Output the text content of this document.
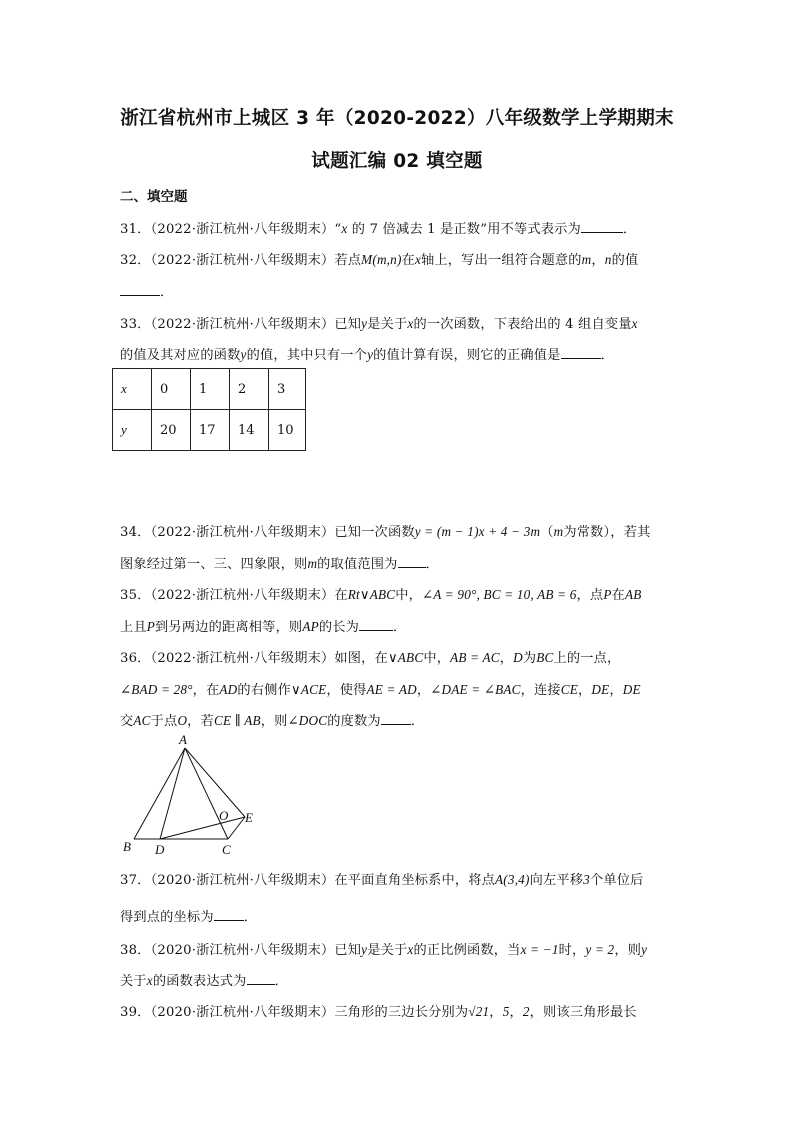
浙江省杭州市上城区 3 年（2020-2022）八年级数学上学期期末
试题汇编 02 填空题
二、填空题
31．（2022·浙江杭州·八年级期末）“x 的 7 倍减去 1 是正数”用不等式表示为	．
32．（2022·浙江杭州·八年级期末）若点M(m,n)在x轴上，写出一组符合题意的m，n的值
．
33．（2022·浙江杭州·八年级期末）已知y是关于x的一次函数，下表给出的 4 组自变量x
的值及其对应的函数y的值，其中只有一个y的值计算有误，则它的正确值是	．
x	0	1	2	3
y	20	17	14	10
34．（2022·浙江杭州·八年级期末）已知一次函数y = (m − 1)x + 4 − 3m（m为常数），若其
图象经过第一、三、四象限，则m的取值范围为 ．
35．（2022·浙江杭州·八年级期末）在Rt∨ABC中，∠A = 90°, BC = 10, AB = 6，点P在AB
上且P到另两边的距离相等，则AP的长为	．
36．（2022·浙江杭州·八年级期末）如图，在∨ABC中，AB = AC，D为BC上的一点，
∠BAD = 28°，在AD的右侧作∨ACE，使得AE = AD，∠DAE = ∠BAC，连接CE，DE，DE
交AC于点O，若CE ∥ AB，则∠DOC的度数为 ．
A
B D	C
O E
37．（2020·浙江杭州·八年级期末）在平面直角坐标系中，将点A(3,4)向左平移3个单位后
得到点的坐标为 ．
38．（2020·浙江杭州·八年级期末）已知y是关于x的正比例函数，当x = −1时，y = 2，则y
关于x的函数表达式为 ．
39．（2020·浙江杭州·八年级期末）三角形的三边长分别为√21，5，2，则该三角形最长
